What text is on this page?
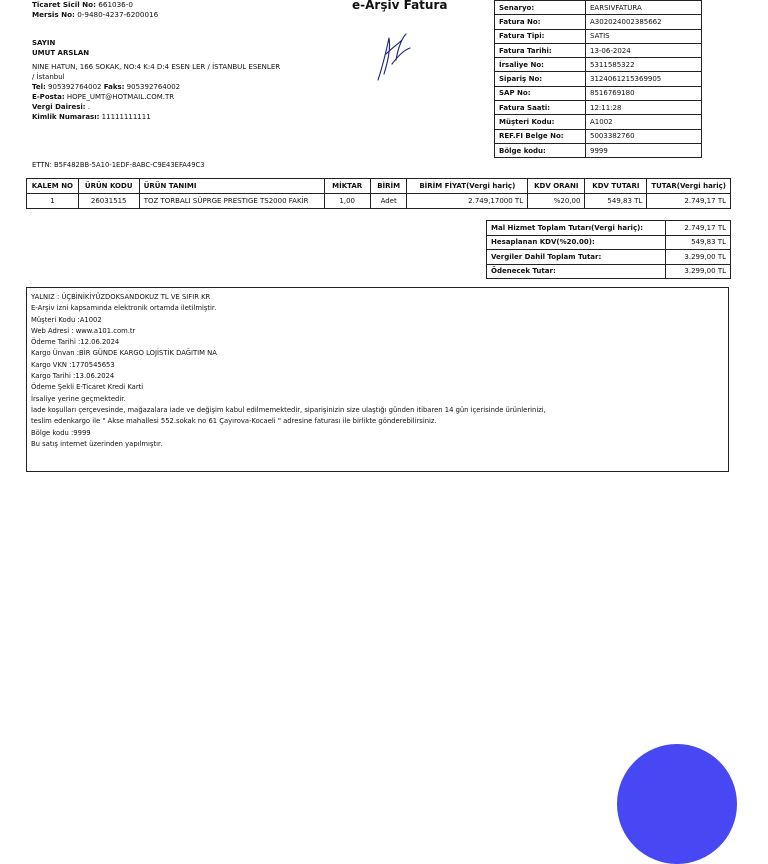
Ticaret Sicil No: 661036-0
Mersis No: 0-9480-4237-6200016
SAYIN
UMUT ARSLAN
NINE HATUN, 166 SOKAK, NO:4 K:4 D:4 ESEN LER / İSTANBUL ESENLER
/ İstanbul
Tel: 905392764002 Faks: 905392764002
E-Posta: HOPE_UMT@HOTMAIL.COM.TR
Vergi Dairesi: .
Kimlik Numarası: 11111111111
e-Arşiv Fatura	Senaryo:	EARSIVFATURA
Fatura No:	A302024002385662
Fatura Tipi:	SATIS
Fatura Tarihi:	13-06-2024
İrsaliye No:	5311585322
Sipariş No:	3124061215369905
SAP No:	8516769180
Fatura Saati:	12:11:28
Müşteri Kodu:	A1002
REF.FI Belge No:	5003382760
Bölge kodu:	9999
ETTN: B5F482BB-5A10-1EDF-8ABC-C9E43EFA49C3
KALEM NO	ÜRÜN KODU	ÜRÜN TANIMI	MİKTAR	BİRİM	BİRİM FİYAT(Vergi hariç)	KDV ORANI	KDV TUTARI	TUTAR(Vergi hariç)
1	26031515	TOZ TORBALI SÜPRGE PRESTIGE TS2000 FAKİR	1,00	Adet	2.749,17000 TL	%20,00	549,83 TL	2.749,17 TL
Mal Hizmet Toplam Tutarı(Vergi hariç):	2.749,17 TL
Hesaplanan KDV(%20.00):	549,83 TL
Vergiler Dahil Toplam Tutar:	3.299,00 TL
Ödenecek Tutar:	3.299,00 TL
YALNIZ : ÜÇBİNİKİYÜZDOKSANDOKUZ TL VE SIFIR KR
E-Arşiv izni kapsamında elektronik ortamda iletilmiştir.
Müşteri Kodu :A1002
Web Adresi : www.a101.com.tr
Ödeme Tarihi :12.06.2024
Kargo Ünvan :BİR GÜNDE KARGO LOJİSTİK DAĞITIM NA
Kargo VKN :1770545653
Kargo Tarihi :13.06.2024
Ödeme Şekli E-Ticaret Kredi Karti
İrsaliye yerine geçmektedir.
İade koşulları çerçevesinde, mağazalara iade ve değişim kabul edilmemektedir, siparişinizin size ulaştığı günden itibaren 14 gün içerisinde ürünlerinizi,
teslim edenkargo ile " Akse mahallesi 552.sokak no 61 Çayırova-Kocaeli " adresine faturası ile birlikte gönderebilirsiniz.
Bölge kodu :9999
Bu satış internet üzerinden yapılmıştır.
